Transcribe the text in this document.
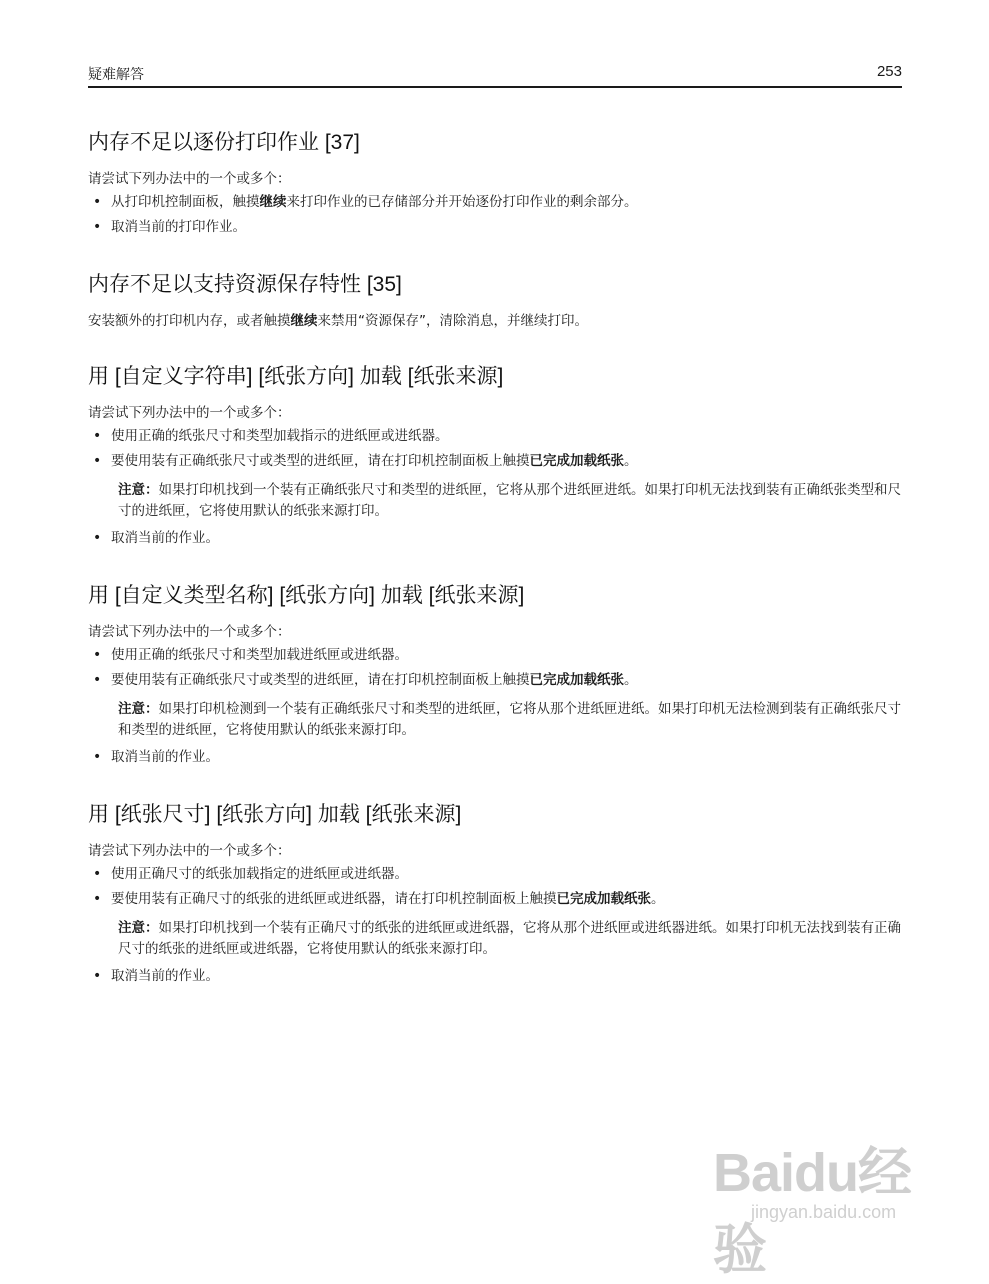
疑难解答	253
内存不足以逐份打印作业 [37]

请尝试下列办法中的一个或多个：

• 从打印机控制面板，触摸继续来打印作业的已存储部分并开始逐份打印作业的剩余部分。
• 取消当前的打印作业。
内存不足以支持资源保存特性 [35]

安装额外的打印机内存，或者触摸继续来禁用“资源保存”，清除消息，并继续打印。

用 [自定义字符串] [纸张方向] 加载 [纸张来源]

请尝试下列办法中的一个或多个：

• 使用正确的纸张尺寸和类型加载指示的进纸匣或进纸器。
• 要使用装有正确纸张尺寸或类型的进纸匣，请在打印机控制面板上触摸已完成加载纸张。
注意：如果打印机找到一个装有正确纸张尺寸和类型的进纸匣，它将从那个进纸匣进纸。如果打印机无法找到装有正确纸张类型和尺寸的进纸匣，它将使用默认的纸张来源打印。
• 取消当前的作业。
用 [自定义类型名称] [纸张方向] 加载 [纸张来源]

请尝试下列办法中的一个或多个：

• 使用正确的纸张尺寸和类型加载进纸匣或进纸器。
• 要使用装有正确纸张尺寸或类型的进纸匣，请在打印机控制面板上触摸已完成加载纸张。
注意：如果打印机检测到一个装有正确纸张尺寸和类型的进纸匣，它将从那个进纸匣进纸。如果打印机无法检测到装有正确纸张尺寸和类型的进纸匣，它将使用默认的纸张来源打印。
• 取消当前的作业。
用 [纸张尺寸] [纸张方向] 加载 [纸张来源]

请尝试下列办法中的一个或多个：

• 使用正确尺寸的纸张加载指定的进纸匣或进纸器。
• 要使用装有正确尺寸的纸张的进纸匣或进纸器，请在打印机控制面板上触摸已完成加载纸张。
注意：如果打印机找到一个装有正确尺寸的纸张的进纸匣或进纸器，它将从那个进纸匣或进纸器进纸。如果打印机无法找到装有正确尺寸的纸张的进纸匣或进纸器，它将使用默认的纸张来源打印。
• 取消当前的作业。
Baidu经验
jingyan.baidu.com
